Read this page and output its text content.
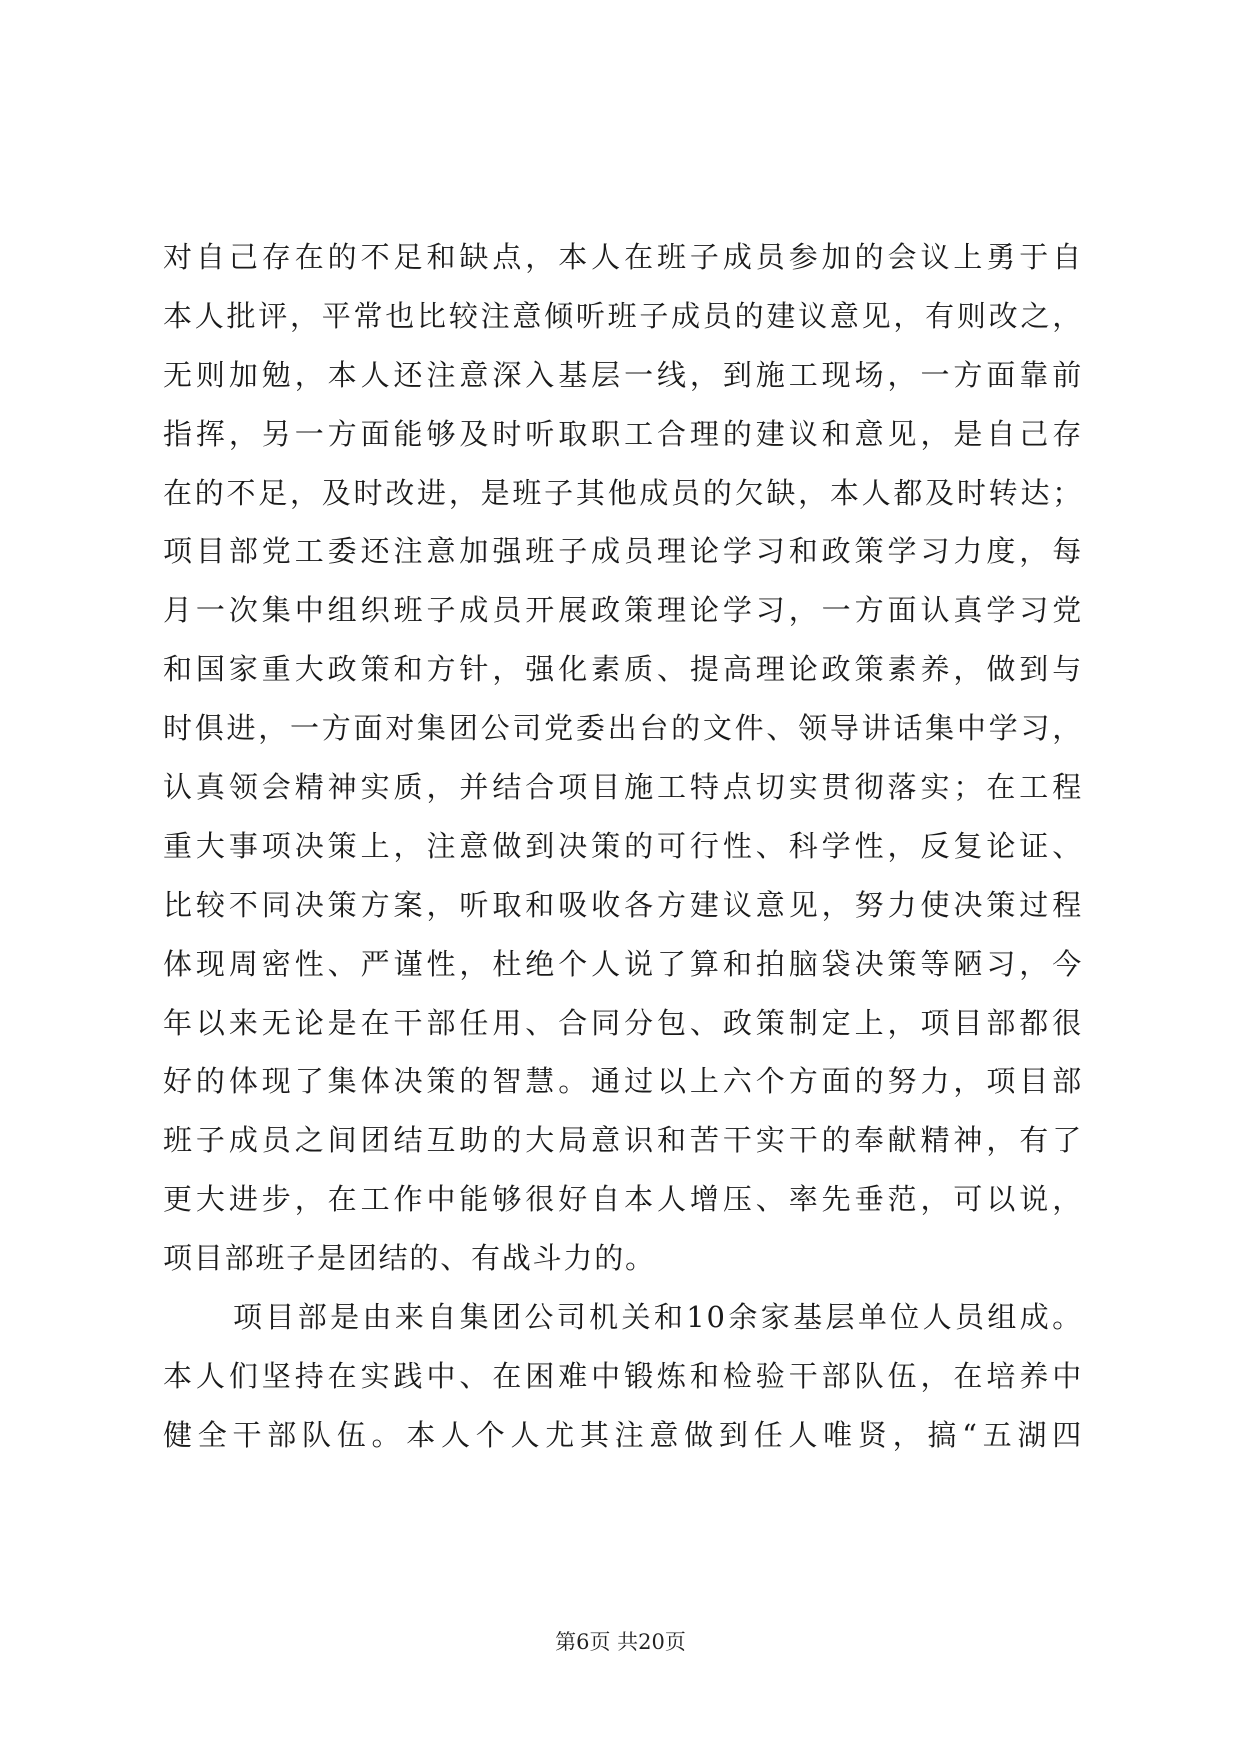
对自己存在的不足和缺点，本人在班子成员参加的会议上勇于自
本人批评，平常也比较注意倾听班子成员的建议意见，有则改之，
无则加勉，本人还注意深入基层一线，到施工现场，一方面靠前
指挥，另一方面能够及时听取职工合理的建议和意见，是自己存
在的不足，及时改进，是班子其他成员的欠缺，本人都及时转达；
项目部党工委还注意加强班子成员理论学习和政策学习力度，每
月一次集中组织班子成员开展政策理论学习，一方面认真学习党
和国家重大政策和方针，强化素质、提高理论政策素养，做到与
时俱进，一方面对集团公司党委出台的文件、领导讲话集中学习，
认真领会精神实质，并结合项目施工特点切实贯彻落实；在工程
重大事项决策上，注意做到决策的可行性、科学性，反复论证、
比较不同决策方案，听取和吸收各方建议意见，努力使决策过程
体现周密性、严谨性，杜绝个人说了算和拍脑袋决策等陋习，今
年以来无论是在干部任用、合同分包、政策制定上，项目部都很
好的体现了集体决策的智慧。通过以上六个方面的努力，项目部
班子成员之间团结互助的大局意识和苦干实干的奉献精神，有了
更大进步，在工作中能够很好自本人增压、率先垂范，可以说，
项目部班子是团结的、有战斗力的。
项目部是由来自集团公司机关和10余家基层单位人员组成。
本人们坚持在实践中、在困难中锻炼和检验干部队伍，在培养中
健全干部队伍。本人个人尤其注意做到任人唯贤，搞“五湖四
第6页 共20页
